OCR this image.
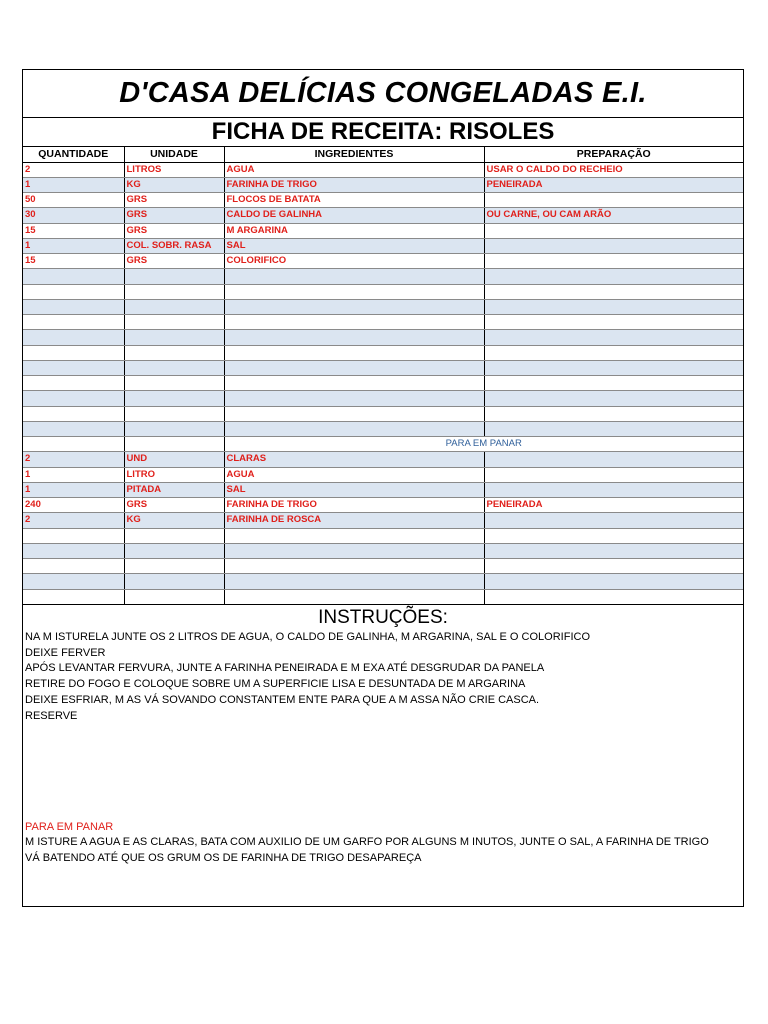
D'CASA DELÍCIAS CONGELADAS E.I.
FICHA DE RECEITA: RISOLES
QUANTIDADE	UNIDADE	INGREDIENTES	PREPARAÇÃO
2	LITROS	AGUA	USAR O CALDO DO RECHEIO
1	KG	FARINHA DE TRIGO	PENEIRADA
50	GRS	FLOCOS DE BATATA	
30	GRS	CALDO DE GALINHA	OU CARNE, OU CAM ARÃO
15	GRS	M ARGARINA	
1	COL. SOBR. RASA	SAL	
15	GRS	COLORIFICO	

		PARA EM PANAR	
2	UND	CLARAS	
1	LITRO	AGUA	
1	PITADA	SAL	
240	GRS	FARINHA DE TRIGO	PENEIRADA
2	KG	FARINHA DE ROSCA	

INSTRUÇÕES:
NA M ISTURELA JUNTE OS 2 LITROS DE AGUA, O CALDO DE GALINHA, M ARGARINA, SAL E O COLORIFICO
DEIXE FERVER
APÓS LEVANTAR FERVURA, JUNTE A FARINHA PENEIRADA E M EXA ATÉ DESGRUDAR DA PANELA
RETIRE DO FOGO E COLOQUE SOBRE UM A SUPERFICIE LISA E DESUNTADA DE M ARGARINA
DEIXE ESFRIAR, M AS VÁ SOVANDO CONSTANTEM ENTE PARA QUE A M ASSA NÃO CRIE CASCA.
RESERVE
PARA EM PANAR
M ISTURE A AGUA E AS CLARAS, BATA COM AUXILIO DE UM GARFO POR ALGUNS M INUTOS, JUNTE O SAL, A FARINHA DE TRIGO
VÁ BATENDO ATÉ QUE OS GRUM OS DE FARINHA DE TRIGO DESAPAREÇA
